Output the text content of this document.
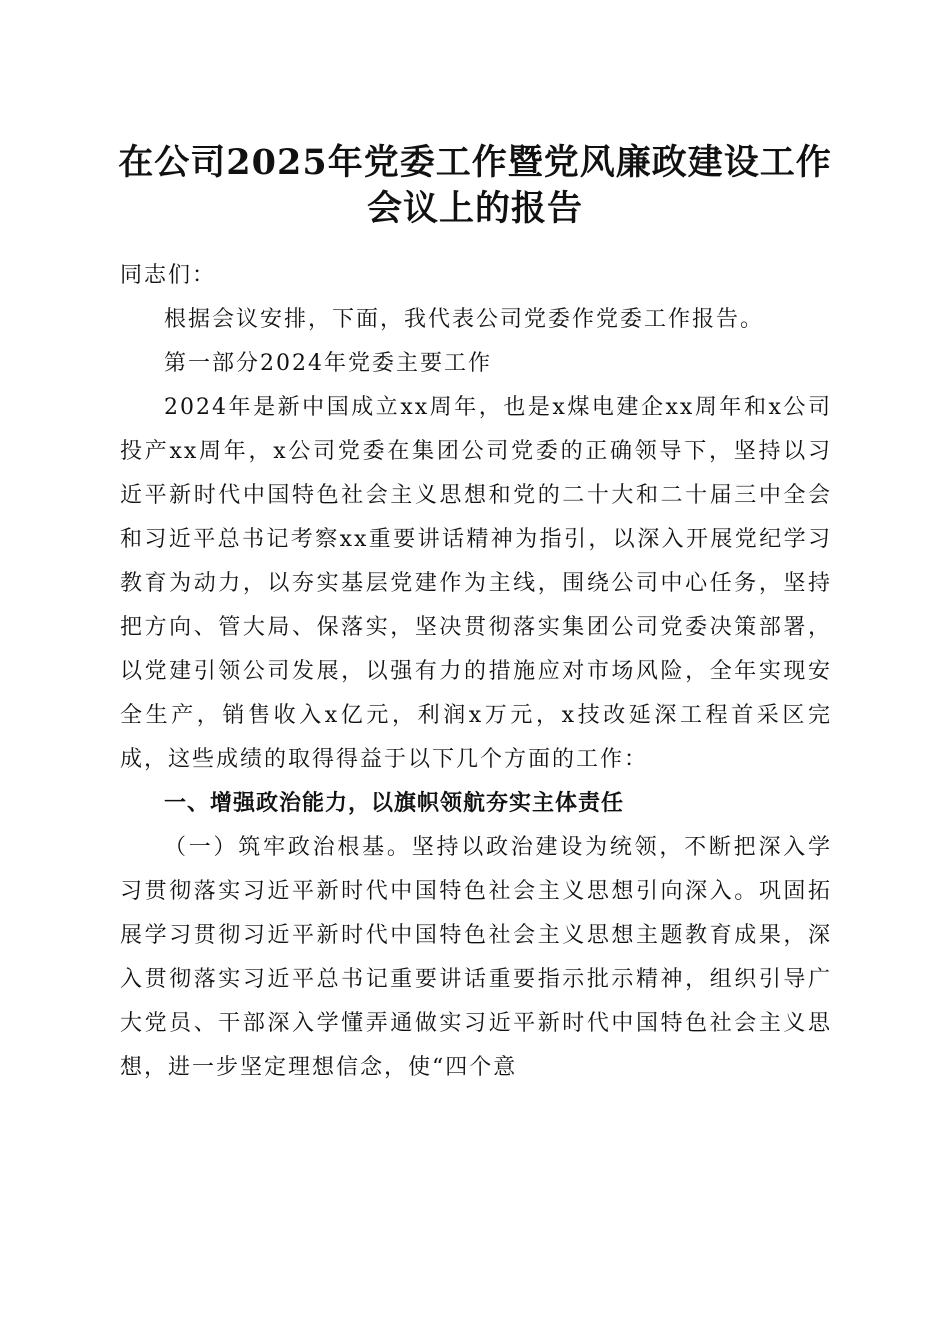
在公司2025年党委工作暨党风廉政建设工作
会议上的报告

同志们：

根据会议安排，下面，我代表公司党委作党委工作报告。

第一部分2024年党委主要工作

2024年是新中国成立xx周年，也是x煤电建企xx周年和x公司投产xx周年，x公司党委在集团公司党委的正确领导下，坚持以习近平新时代中国特色社会主义思想和党的二十大和二十届三中全会和习近平总书记考察xx重要讲话精神为指引，以深入开展党纪学习教育为动力，以夯实基层党建作为主线，围绕公司中心任务，坚持把方向、管大局、保落实，坚决贯彻落实集团公司党委决策部署，以党建引领公司发展，以强有力的措施应对市场风险，全年实现安全生产，销售收入x亿元，利润x万元，x技改延深工程首采区完成，这些成绩的取得得益于以下几个方面的工作：

一、增强政治能力，以旗帜领航夯实主体责任

（一）筑牢政治根基。坚持以政治建设为统领，不断把深入学习贯彻落实习近平新时代中国特色社会主义思想引向深入。巩固拓展学习贯彻习近平新时代中国特色社会主义思想主题教育成果，深入贯彻落实习近平总书记重要讲话重要指示批示精神，组织引导广大党员、干部深入学懂弄通做实习近平新时代中国特色社会主义思想，进一步坚定理想信念，使“四个意
